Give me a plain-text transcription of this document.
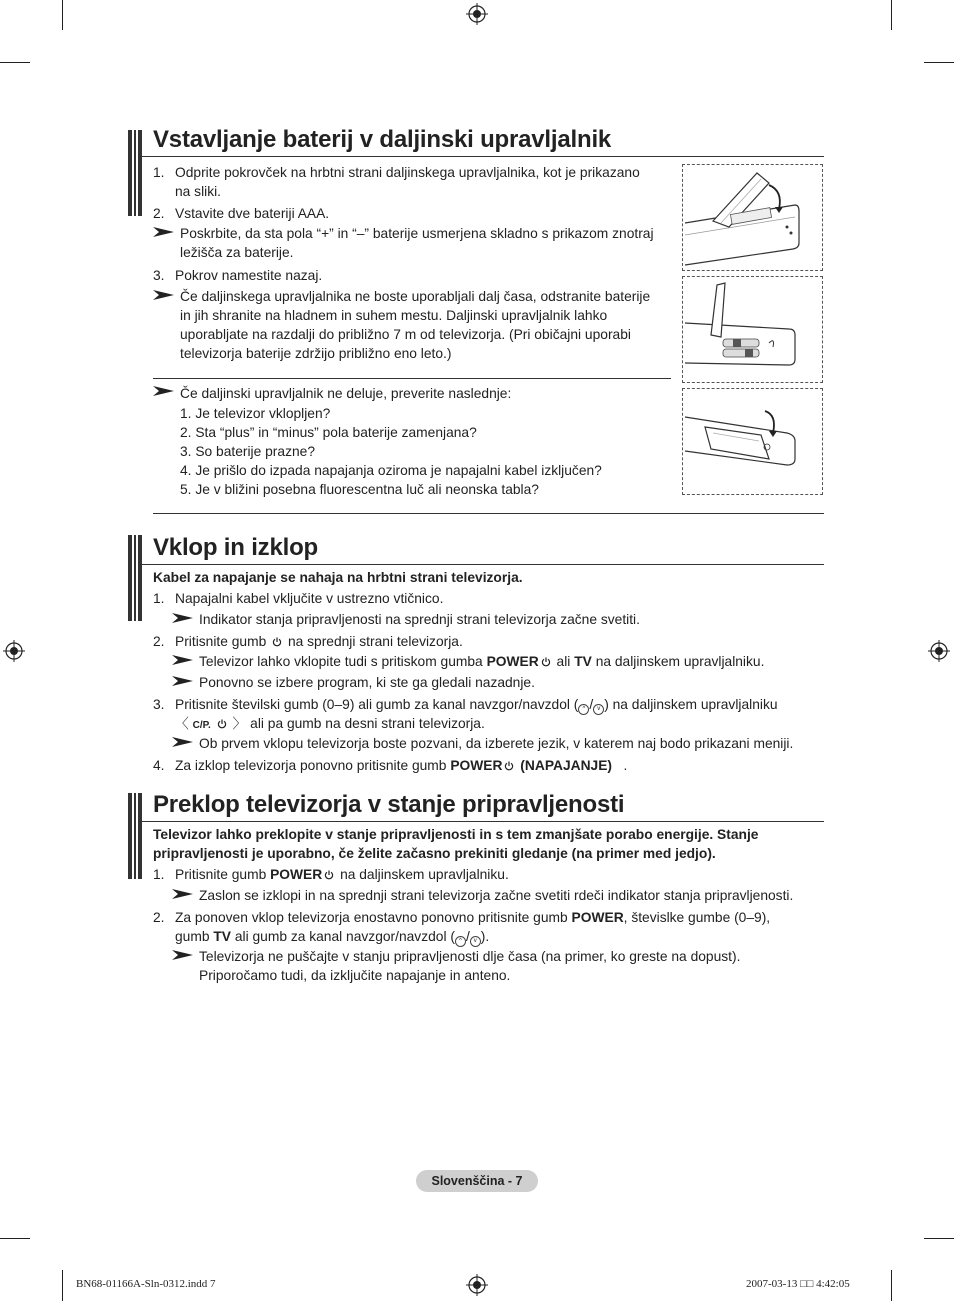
Vstavljanje baterij v daljinski upravljalnik
1. Odprite pokrovček na hrbtni strani daljinskega upravljalnika, kot je prikazano
na sliki.
2. Vstavite dve bateriji AAA.
Poskrbite, da sta pola “+” in “–” baterije usmerjena skladno s prikazom znotraj
ležišča za baterije.
3. Pokrov namestite nazaj.
Če daljinskega upravljalnika ne boste uporabljali dalj časa, odstranite baterije
in jih shranite na hladnem in suhem mestu. Daljinski upravljalnik lahko
uporabljate na razdalji do približno 7 m od televizorja. (Pri običajni uporabi
televizorja baterije zdržijo približno eno leto.)
Če daljinski upravljalnik ne deluje, preverite naslednje:
1. Je televizor vklopljen?
2. Sta “plus” in “minus” pola baterije zamenjana?
3. So baterije prazne?
4. Je prišlo do izpada napajanja oziroma je napajalni kabel izključen?
5. Je v bližini posebna fluorescentna luč ali neonska tabla?
Vklop in izklop
Kabel za napajanje se nahaja na hrbtni strani televizorja.
1. Napajalni kabel vključite v ustrezno vtičnico.
Indikator stanja pripravljenosti na sprednji strani televizorja začne svetiti.
2. Pritisnite gumb na sprednji strani televizorja.
Televizor lahko vklopite tudi s pritiskom gumba POWER ali TV na daljinskem upravljalniku.
Ponovno se izbere program, ki ste ga gledali nazadnje.
3. Pritisnite številski gumb (0–9) ali gumb za kanal navzgor/navzdol ( ^ / v ) na daljinskem upravljalniku
〈 C/P. 〉 ali pa gumb na desni strani televizorja.
Ob prvem vklopu televizorja boste pozvani, da izberete jezik, v katerem naj bodo prikazani meniji.
4. Za izklop televizorja ponovno pritisnite gumb POWER (NAPAJANJE) .
Preklop televizorja v stanje pripravljenosti
Televizor lahko preklopite v stanje pripravljenosti in s tem zmanjšate porabo energije. Stanje
pripravljenosti je uporabno, če želite začasno prekiniti gledanje (na primer med jedjo).
1. Pritisnite gumb POWER na daljinskem upravljalniku.
Zaslon se izklopi in na sprednji strani televizorja začne svetiti rdeči indikator stanja pripravljenosti.
2. Za ponoven vklop televizorja enostavno ponovno pritisnite gumb POWER, števislke gumbe (0–9),
gumb TV ali gumb za kanal navzgor/navzdol ( ^ / v ).
Televizorja ne puščajte v stanju pripravljenosti dlje časa (na primer, ko greste na dopust).
Priporočamo tudi, da izključite napajanje in anteno.
Slovenščina - 7
BN68-01166A-Sln-0312.indd 7	2007-03-13 □□ 4:42:05
